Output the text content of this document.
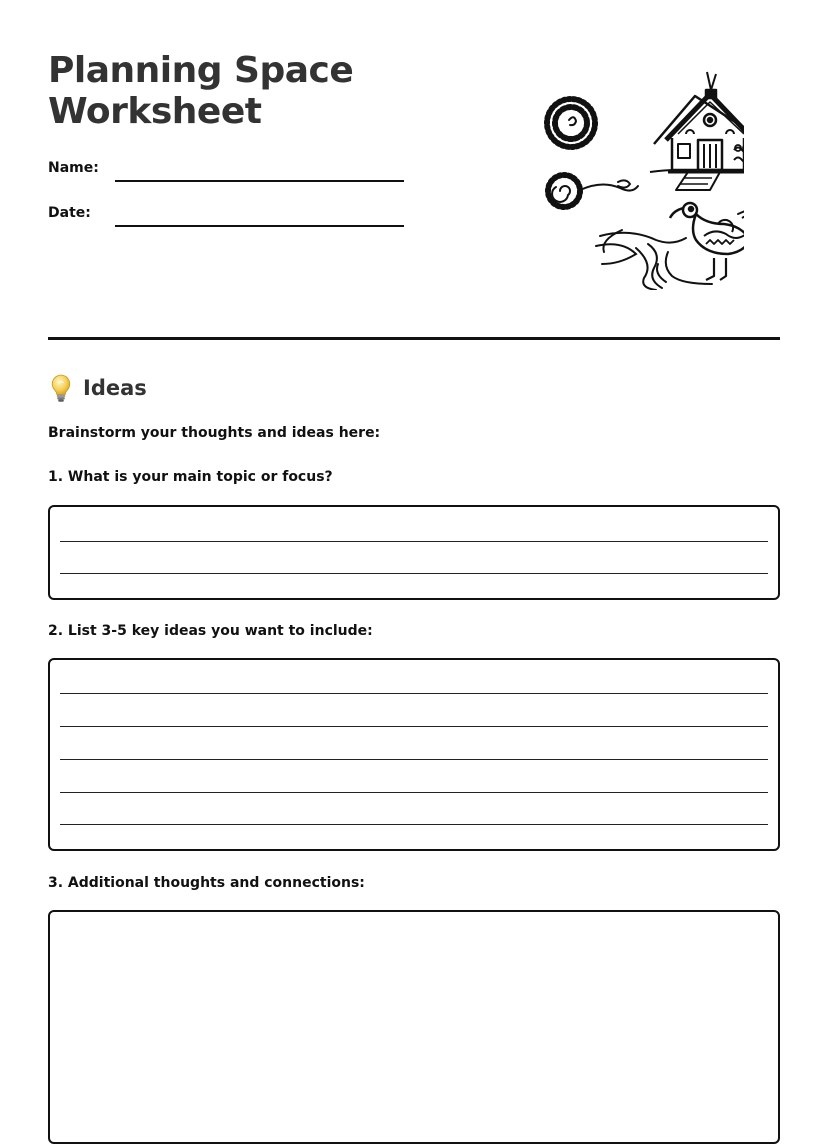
Planning Space
Worksheet
Name:
Date:
Ideas
Brainstorm your thoughts and ideas here:
1. What is your main topic or focus?
2. List 3-5 key ideas you want to include:
3. Additional thoughts and connections:
